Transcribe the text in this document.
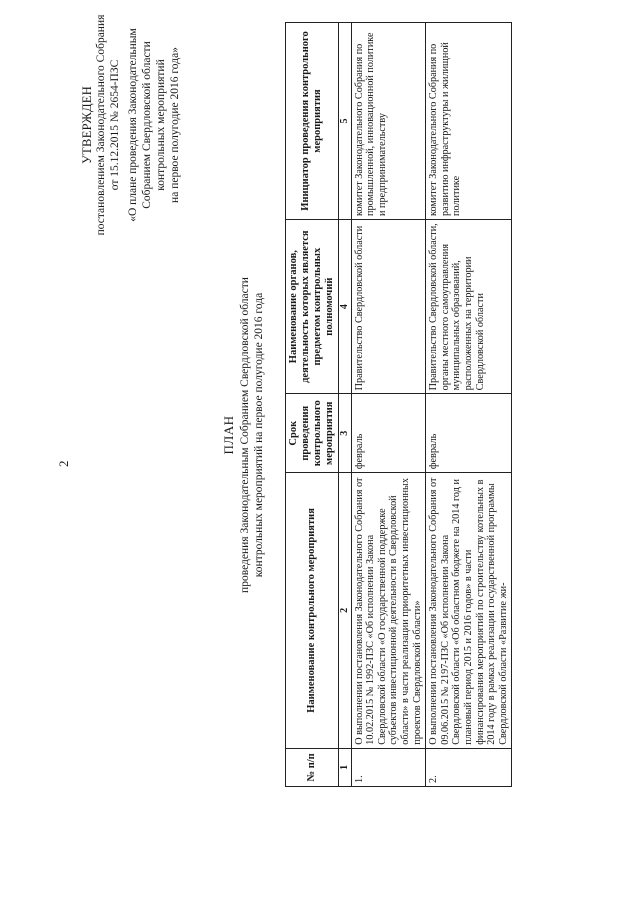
2
УТВЕРЖДЕН постановлением Законодательного Собрания от 15.12.2015 № 2654-ПЗС «О плане проведения Законодательным Собранием Свердловской области контрольных мероприятий на первое полугодие 2016 года»
ПЛАН проведения Законодательным Собранием Свердловской области контрольных мероприятий на первое полугодие 2016 года
№ п/п	Наименование контрольного мероприятия	Срок проведения контрольного мероприятия	Наименование органов, деятельность которых является предметом контрольных полномочий	Инициатор проведения контрольного мероприятия
1	2	3	4	5
1.	О выполнении постановления Законодательного Собрания от 10.02.2015 № 1992-ПЗС «Об исполнении Закона Свердловской области «О государственной поддержке субъектов инвестиционной деятельности в Свердловской области» в части реализации приоритетных инвестиционных проектов Свердловской области»	февраль	Правительство Свердловской области	комитет Законодательного Собрания по промышленной, инновационной политике и предпринимательству
2.	О выполнении постановления Законодательного Собрания от 09.06.2015 № 2197-ПЗС «Об исполнении Закона Свердловской области «Об областном бюджете на 2014 год и плановый период 2015 и 2016 годов» в части финансирования мероприятий по строительству котельных в 2014 году в рамках реализации государственной программы Свердловской области «Развитие жи-	февраль	Правительство Свердловской области, органы местного самоуправления муниципальных образований, расположенных на территории Свердловской области	комитет Законодательного Собрания по развитию инфраструктуры и жилищной политике
